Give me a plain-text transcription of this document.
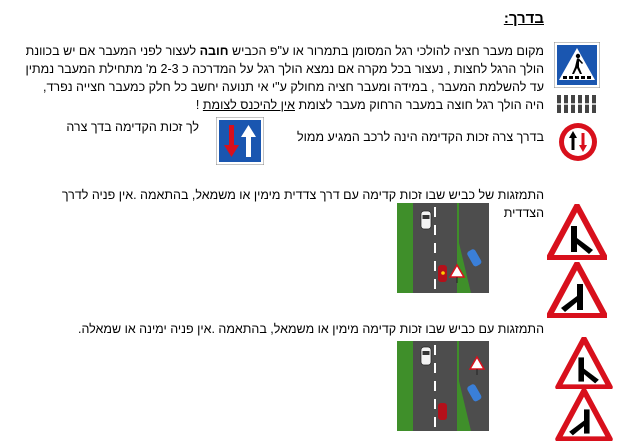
בדרך:
מקום מעבר חציה להולכי רגל המסומן בתמרור או ע"פ הכביש חובה לעצור לפני המעבר אם יש בכוונת הולך הרגל לחצות , נעצור בכל מקרה אם נמצא הולך רגל על המדרכה כ 2-3 מ' מתחילת המעבר נמתין עד להשלמת המעבר , במידה ומעבר חציה מחולק ע"י אי תנועה יחשב כל חלק כמעבר חצייה נפרד, היה הולך רגל חוצה במעבר הרחוק מעבר לצומת אין להיכנס לצומת !
בדרך צרה זכות הקדימה הינה לרכב המגיע ממול
לך זכות הקדימה בדך צרה
התמזגות של כביש שבו זכות קדימה עם דרך צדדית מימין או משמאל, בהתאמה .אין פניה לדרך הצדדית
התמזגות עם כביש שבו זכות קדימה מימין או משמאל, בהתאמה .אין פניה ימינה או שמאלה.
